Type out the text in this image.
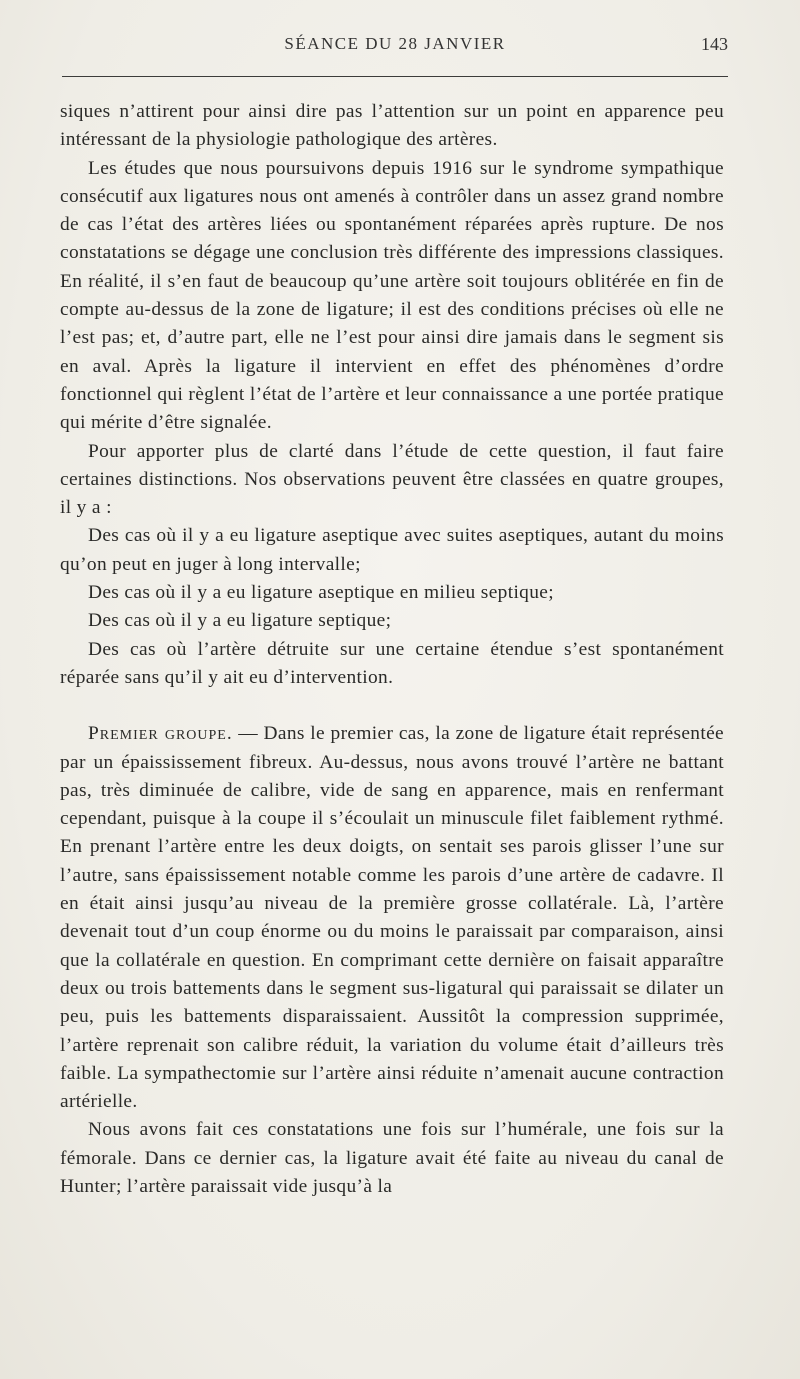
SÉANCE DU 28 JANVIER	143

siques n’attirent pour ainsi dire pas l’attention sur un point en apparence peu intéressant de la physiologie pathologique des artères.

Les études que nous poursuivons depuis 1916 sur le syndrome sympathique consécutif aux ligatures nous ont amenés à contrôler dans un assez grand nombre de cas l’état des artères liées ou spontanément réparées après rupture. De nos constatations se dégage une conclusion très différente des impressions classiques. En réalité, il s’en faut de beaucoup qu’une artère soit toujours oblitérée en fin de compte au-dessus de la zone de ligature; il est des conditions précises où elle ne l’est pas; et, d’autre part, elle ne l’est pour ainsi dire jamais dans le segment sis en aval. Après la ligature il intervient en effet des phénomènes d’ordre fonctionnel qui règlent l’état de l’artère et leur connaissance a une portée pratique qui mérite d’être signalée.

Pour apporter plus de clarté dans l’étude de cette question, il faut faire certaines distinctions. Nos observations peuvent être classées en quatre groupes, il y a :

Des cas où il y a eu ligature aseptique avec suites aseptiques, autant du moins qu’on peut en juger à long intervalle;

Des cas où il y a eu ligature aseptique en milieu septique;

Des cas où il y a eu ligature septique;

Des cas où l’artère détruite sur une certaine étendue s’est spontanément réparée sans qu’il y ait eu d’intervention.

Premier groupe. — Dans le premier cas, la zone de ligature était représentée par un épaississement fibreux. Au-dessus, nous avons trouvé l’artère ne battant pas, très diminuée de calibre, vide de sang en apparence, mais en renfermant cependant, puisque à la coupe il s’écoulait un minuscule filet faiblement rythmé. En prenant l’artère entre les deux doigts, on sentait ses parois glisser l’une sur l’autre, sans épaississement notable comme les parois d’une artère de cadavre. Il en était ainsi jusqu’au niveau de la première grosse collatérale. Là, l’artère devenait tout d’un coup énorme ou du moins le paraissait par comparaison, ainsi que la collatérale en question. En comprimant cette dernière on faisait apparaître deux ou trois battements dans le segment sus-ligatural qui paraissait se dilater un peu, puis les battements disparaissaient. Aussitôt la compression supprimée, l’artère reprenait son calibre réduit, la variation du volume était d’ailleurs très faible. La sympathectomie sur l’artère ainsi réduite n’amenait aucune contraction artérielle.

Nous avons fait ces constatations une fois sur l’humérale, une fois sur la fémorale. Dans ce dernier cas, la ligature avait été faite au niveau du canal de Hunter; l’artère paraissait vide jusqu’à la
